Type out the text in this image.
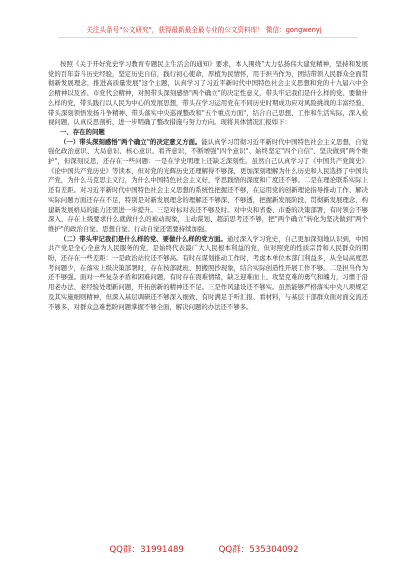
关注头条号"公文研究"，获得最新最全最专业的公文资料库！ 微信：gongwenyj

按照《关于开好党史学习教育专题民主生活会的通知》要求，本人围绕"大力弘扬伟大建党精神，坚持和发展党的百年奋斗历史经验，坚定历史自信，践行初心使命，厚植为民情怀，用于担当作为，团结带领人民群众全面贯彻新发展理念，推进高质量发展"这个主题，认真学习了习近平新时代中国特色社会主义思想和党的十九届六中全会精神以及省、市党代会精神，对照带头深刻感悟"两个确立"的决定性意义，带头牢记我们是什么样的党、要做什么样的党，带头践行以人民为中心的发展思想，带头在学习运用党在不同历史时期成功应对风险挑战的丰富经验、带头深刻领悟发扬斗争精神、带头落实中央巡视整改和"五个重点方面"，结合自己思想、工作和生活实际，深入检视问题，认真反思剖析，进一步明确了整改措施与努力方向。现将具体情况汇报如下：

一、存在的问题

（一）带头深刻感悟"两个确立"的决定意义方面。能认真学习贯彻习近平新时代中国特色社会主义思想，自觉强化政治意识、大局意识、核心意识、看齐意识，不断增强"四个意识"、始终坚定"四个自信"、坚决做到"两个维护"，但深刻反思，还存在一些问题：一是在学史明理上还缺乏深刻性。虽然自己认真学习了《中国共产党简史》《论中国共产党历史》等读本，但对党的光辉历史还理解得不够深，更加深刻理解为什么历史和人民选择了中国共产党，为什么马克思主义行，为什么中国特色社会主义好，学思践悟的深度和广度还不够。二是在理论联系实际上还有差距。对习近平新时代中国特色社会主义思想的系统性把握还不够，在运用党的创新理论指导推动工作、解决实际问题方面还存在不足，特别是对新发展理念的理解还不够深、不够透，把握新发展阶段、贯彻新发展理念、构建新发展格局的能力还需进一步提升。三是对标对表还不够及时。对中央和省委、市委的决策部署，有时领会不够深入，存在上级要求什么就做什么的被动现象，主动谋划、超前思考还不够，把"两个确立"转化为坚决做到"两个维护"的政治自觉、思想自觉、行动自觉还需要持续加强。

（二）带头牢记我们是什么样的党、要做什么样的党方面。通过深入学习党史，自己更加深刻地认识到，中国共产党是全心全意为人民服务的党，是始终代表最广大人民根本利益的党，但对照党的性质宗旨和人民群众的期盼，还存在一些差距：一是政治站位还不够高。有时在谋划推动工作时，考虑本单位本部门利益多，从全局高度思考问题少，在落实上级决策部署时，存在按部就班、照搬照抄现象，结合实际创造性开展工作不够。二是担当作为还不够强。面对一些复杂矛盾和困难问题，有时存在畏难情绪，缺乏迎难而上、攻坚克难的勇气和魄力，习惯于沿用老办法、老经验处理新问题，开拓创新的精神还不足。三是作风建设还不够实。虽然能够严格落实中央八项规定及其实施细则精神，但深入基层调研还不够深入细致，有时满足于听汇报、看材料，与基层干部群众面对面交流还不够多，对群众急难愁盼问题掌握不够全面，解决问题的办法还不够多。

QQ群：31991489	QQ群：535304092
